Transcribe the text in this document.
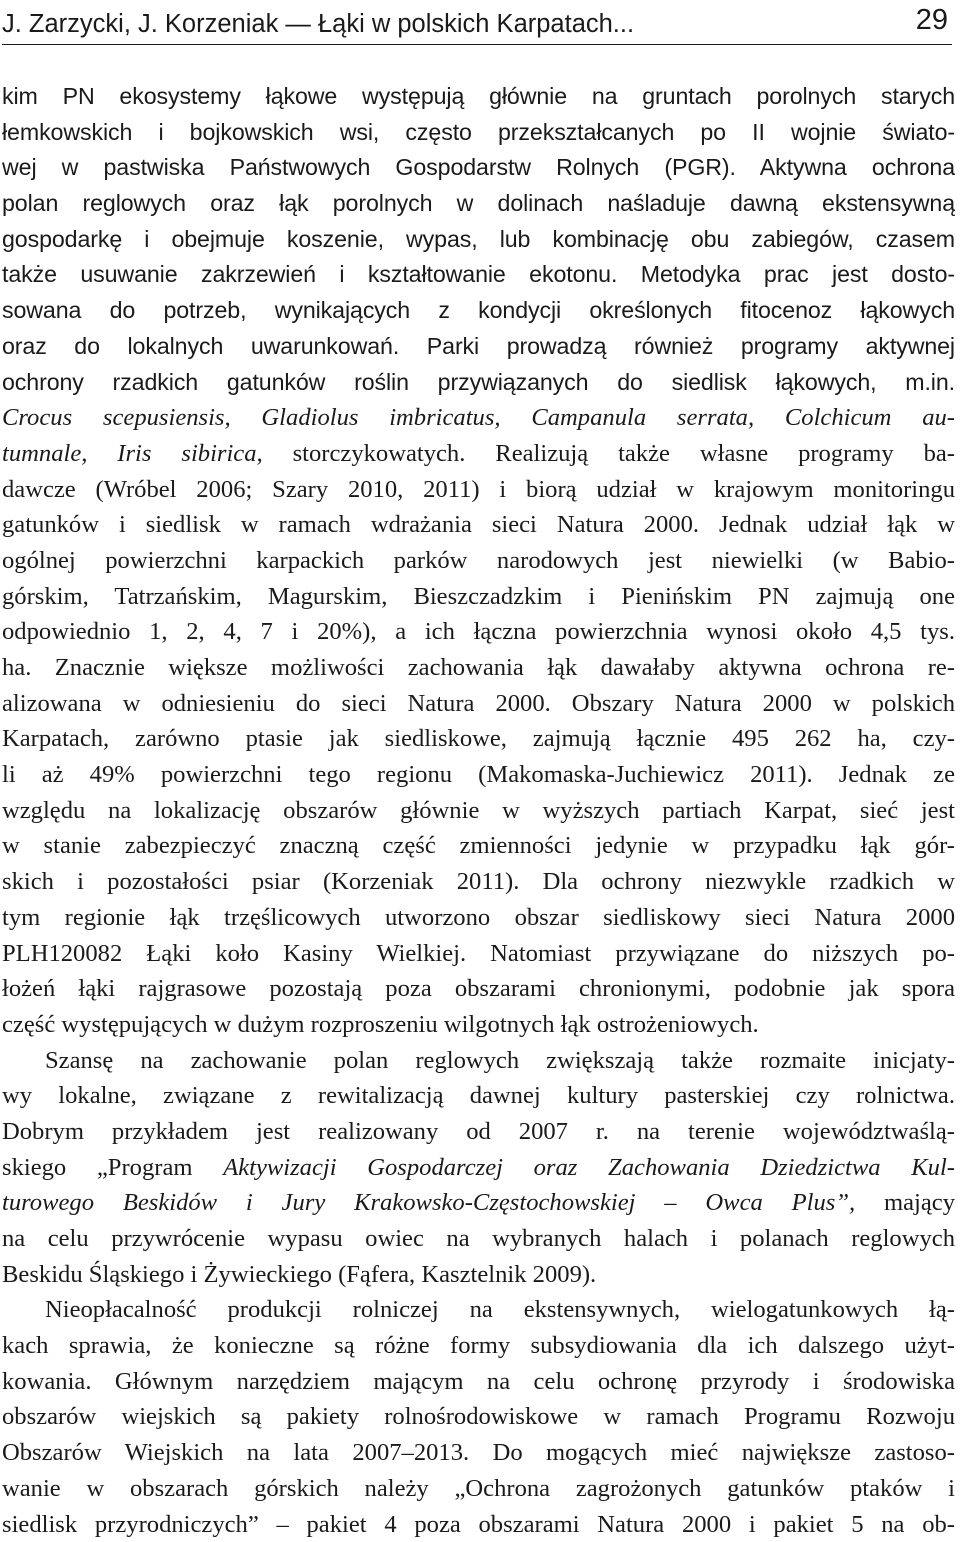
J. Zarzycki, J. Korzeniak — Łąki w polskich Karpatach...	29
kim PN ekosystemy łąkowe występują głównie na gruntach porolnych starych
łemkowskich i bojkowskich wsi, często przekształcanych po II wojnie świato-
wej w pastwiska Państwowych Gospodarstw Rolnych (PGR). Aktywna ochrona
polan reglowych oraz łąk porolnych w dolinach naśladuje dawną ekstensywną
gospodarkę i obejmuje koszenie, wypas, lub kombinację obu zabiegów, czasem
także usuwanie zakrzewień i kształtowanie ekotonu. Metodyka prac jest dosto-
sowana do potrzeb, wynikających z kondycji określonych fitocenoz łąkowych
oraz do lokalnych uwarunkowań. Parki prowadzą również programy aktywnej
ochrony rzadkich gatunków roślin przywiązanych do siedlisk łąkowych, m.in.
Crocus scepusiensis, Gladiolus imbricatus, Campanula serrata, Colchicum au-
tumnale, Iris sibirica, storczykowatych. Realizują także własne programy ba-
dawcze (Wróbel 2006; Szary 2010, 2011) i biorą udział w krajowym monitoringu
gatunków i siedlisk w ramach wdrażania sieci Natura 2000. Jednak udział łąk w
ogólnej powierzchni karpackich parków narodowych jest niewielki (w Babio-
górskim, Tatrzańskim, Magurskim, Bieszczadzkim i Pienińskim PN zajmują one
odpowiednio 1, 2, 4, 7 i 20%), a ich łączna powierzchnia wynosi około 4,5 tys.
ha. Znacznie większe możliwości zachowania łąk dawałaby aktywna ochrona re-
alizowana w odniesieniu do sieci Natura 2000. Obszary Natura 2000 w polskich
Karpatach, zarówno ptasie jak siedliskowe, zajmują łącznie 495 262 ha, czy-
li aż 49% powierzchni tego regionu (Makomaska-Juchiewicz 2011). Jednak ze
względu na lokalizację obszarów głównie w wyższych partiach Karpat, sieć jest
w stanie zabezpieczyć znaczną część zmienności jedynie w przypadku łąk gór-
skich i pozostałości psiar (Korzeniak 2011). Dla ochrony niezwykle rzadkich w
tym regionie łąk trzęślicowych utworzono obszar siedliskowy sieci Natura 2000
PLH120082 Łąki koło Kasiny Wielkiej. Natomiast przywiązane do niższych po-
łożeń łąki rajgrasowe pozostają poza obszarami chronionymi, podobnie jak spora
część występujących w dużym rozproszeniu wilgotnych łąk ostrożeniowych.
Szansę na zachowanie polan reglowych zwiększają także rozmaite inicjaty-
wy lokalne, związane z rewitalizacją dawnej kultury pasterskiej czy rolnictwa.
Dobrym przykładem jest realizowany od 2007 r. na terenie województwaślą-
skiego „Program Aktywizacji Gospodarczej oraz Zachowania Dziedzictwa Kul-
turowego Beskidów i Jury Krakowsko-Częstochowskiej – Owca Plus”, mający
na celu przywrócenie wypasu owiec na wybranych halach i polanach reglowych
Beskidu Śląskiego i Żywieckiego (Fąfera, Kasztelnik 2009).
Nieopłacalność produkcji rolniczej na ekstensywnych, wielogatunkowych łą-
kach sprawia, że konieczne są różne formy subsydiowania dla ich dalszego użyt-
kowania. Głównym narzędziem mającym na celu ochronę przyrody i środowiska
obszarów wiejskich są pakiety rolnośrodowiskowe w ramach Programu Rozwoju
Obszarów Wiejskich na lata 2007–2013. Do mogących mieć największe zastoso-
wanie w obszarach górskich należy „Ochrona zagrożonych gatunków ptaków i
siedlisk przyrodniczych” – pakiet 4 poza obszarami Natura 2000 i pakiet 5 na ob-
